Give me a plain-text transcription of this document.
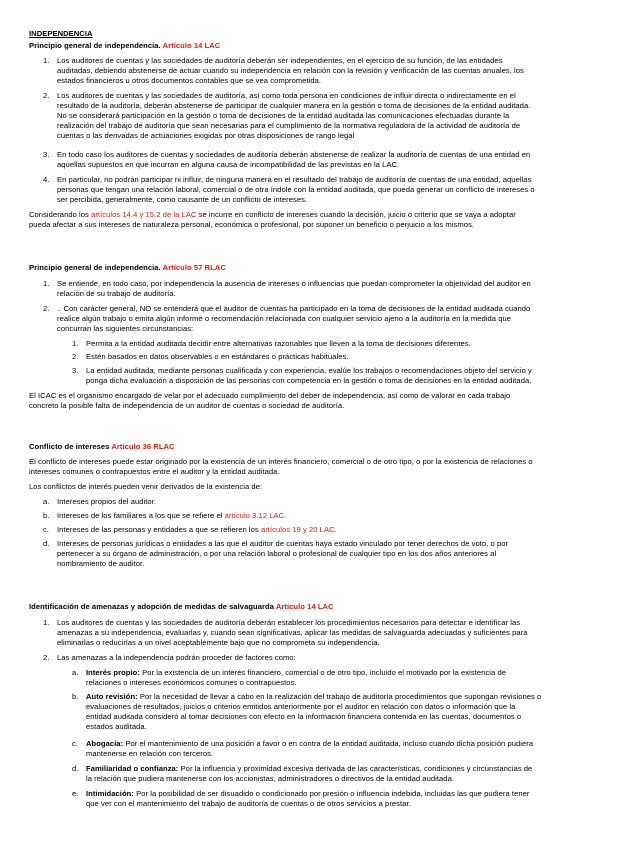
INDEPENDENCIA
Principio general de independencia. Artículo 14 LAC
1. Los auditores de cuentas y las sociedades de auditoría deberán ser independientes, en el ejercicio de su función, de las entidades
auditadas, debiendo abstenerse de actuar cuando su independencia en relación con la revisión y verificación de las cuentas anuales, los
estados financieros u otros documentos contables que se vea comprometida.
2. Los auditores de cuentas y las sociedades de auditoría, así como toda persona en condiciones de influir directa o indirectamente en el
resultado de la auditoría, deberán abstenerse de participar de cualquier manera en la gestión o toma de decisiones de la entidad auditada.
No se considerará participación en la gestión o toma de decisiones de la entidad auditada las comunicaciones efectuadas durante la
realización del trabajo de auditoría que sean necesarias para el cumplimiento de la normativa reguladora de la actividad de auditoría de
cuentas o las derivadas de actuaciones exigidas por otras disposiciones de rango legal
3. En todo caso los auditores de cuentas y sociedades de auditoría deberán abstenerse de realizar la auditoría de cuentas de una entidad en
aquellas supuestos en que incurran en alguna causa de incompatibilidad de las previstas en la LAC.
4. En particular, no podrán participar ni influir, de ninguna manera en el resultado del trabajo de auditoría de cuentas de una entidad, aquellas
personas que tengan una relación laboral, comercial o de otra índole con la entidad auditada, que pueda generar un conflicto de intereses o
ser percibida, generalmente, como causante de un conflicto de intereses.
Considerando los artículos 14.4 y 15.2 de la LAC se incurre en conflicto de intereses cuando la decisión, juicio o criterio que se vaya a adoptar
pueda afectar a sus intereses de naturaleza personal, económica o profesional, por suponer un beneficio o perjuicio a los mismos.
Principio general de independencia. Artículo 57 RLAC
1. Se entiende, en todo caso, por independencia la ausencia de intereses o influencias que puedan comprometer la objetividad del auditor en
relación de su trabajo de auditoría.
2. .. Con carácter general, NO se entenderá que el auditor de cuentas ha participado en la toma de decisiones de la entidad auditada cuando
realice algún trabajo o emita algún informe o recomendación relacionada con cualquier servicio ajeno a la auditoría en la medida que
concurran las siguientes circunstancias:
1. Permita a la entidad auditada decidir entre alternativas razonables que lleven a la toma de decisiones diferentes.
2. Estén basados en datos observables o en estándares o prácticas habituales.
3. La entidad auditada, mediante personas cualificada y con experiencia, evalúe los trabajos o recomendaciones objeto del servicio y
ponga dicha evaluación a disposición de las personas con competencia en la gestión o toma de decisiones en la entidad auditada.
El ICAC es el organismo encargado de velar por el adecuado cumplimiento del deber de independencia, así como de valorar en cada trabajo
concreto la posible falta de independencia de un auditor de cuentas o sociedad de auditoría.
Conflicto de intereses Artículo 36 RLAC
El conflicto de intereses puede estar originado por la existencia de un interés financiero, comercial o de otro tipo, o por la existencia de relaciones o
intereses comunes o contrapuestos entre el auditor y la entidad auditada.
Los conflictos de interés pueden venir derivados de la existencia de:
a. Intereses propios del auditor.
b. Intereses de los familiares a los que se refiere el artículo 3.12 LAC.
c. Intereses de las personas y entidades a que se refieren los artículos 19 y 20 LAC.
d. Intereses de personas jurídicas o entidades a las que el auditor de cuentas haya estado vinculado por tener derechos de voto, o por
pertenecer a su órgano de administración, o por una relación laboral o profesional de cualquier tipo en los dos años anteriores al
nombramiento de auditor.
Identificación de amenazas y adopción de medidas de salvaguarda Artículo 14 LAC
1. Los auditores de cuentas y las sociedades de auditoría deberán establecer los procedimientos necesarios para detectar e identificar las
amenazas a su independencia, evaluarlas y, cuando sean significativas, aplicar las medidas de salvaguarda adecuadas y suficientes para
eliminarlas o reducirlas a un nivel aceptablemente bajo que no comprometa su independencia.
2. Las amenazas a la independencia podrán proceder de factores como:
a. Interés propio: Por la existencia de un interés financiero, comercial o de otro tipo, incluido el motivado por la existencia de
relaciones o intereses económicos comunes o contrapuestos.
b. Auto revisión: Por la necesidad de llevar a cabo en la realización del trabajo de auditoría procedimientos que supongan revisiones o
evaluaciones de resultados, juicios o criterios emitidos anteriormente por el auditor en relación con datos o información que la
entidad auditada consideró al tomar decisiones con efecto en la información financiera contenida en las cuentas, documentos o
estados auditada.
c. Abogacía: Por el mantenimiento de una posición a favor o en contra de la entidad auditada, incluso cuando dicha posición pudiera
mantenerse en relación con terceros.
d. Familiaridad o confianza: Por la influencia y proximidad excesiva derivada de las características, condiciones y circunstancias de
la relación que pudiera mantenerse con los accionistas, administradores o directivos de la entidad auditada.
e. Intimidación: Por la posibilidad de ser disuadido o condicionado por presión o influencia indebida, incluidas las que pudiera tener
que ver con el mantenimiento del trabajo de auditoría de cuentas o de otros servicios a prestar.
